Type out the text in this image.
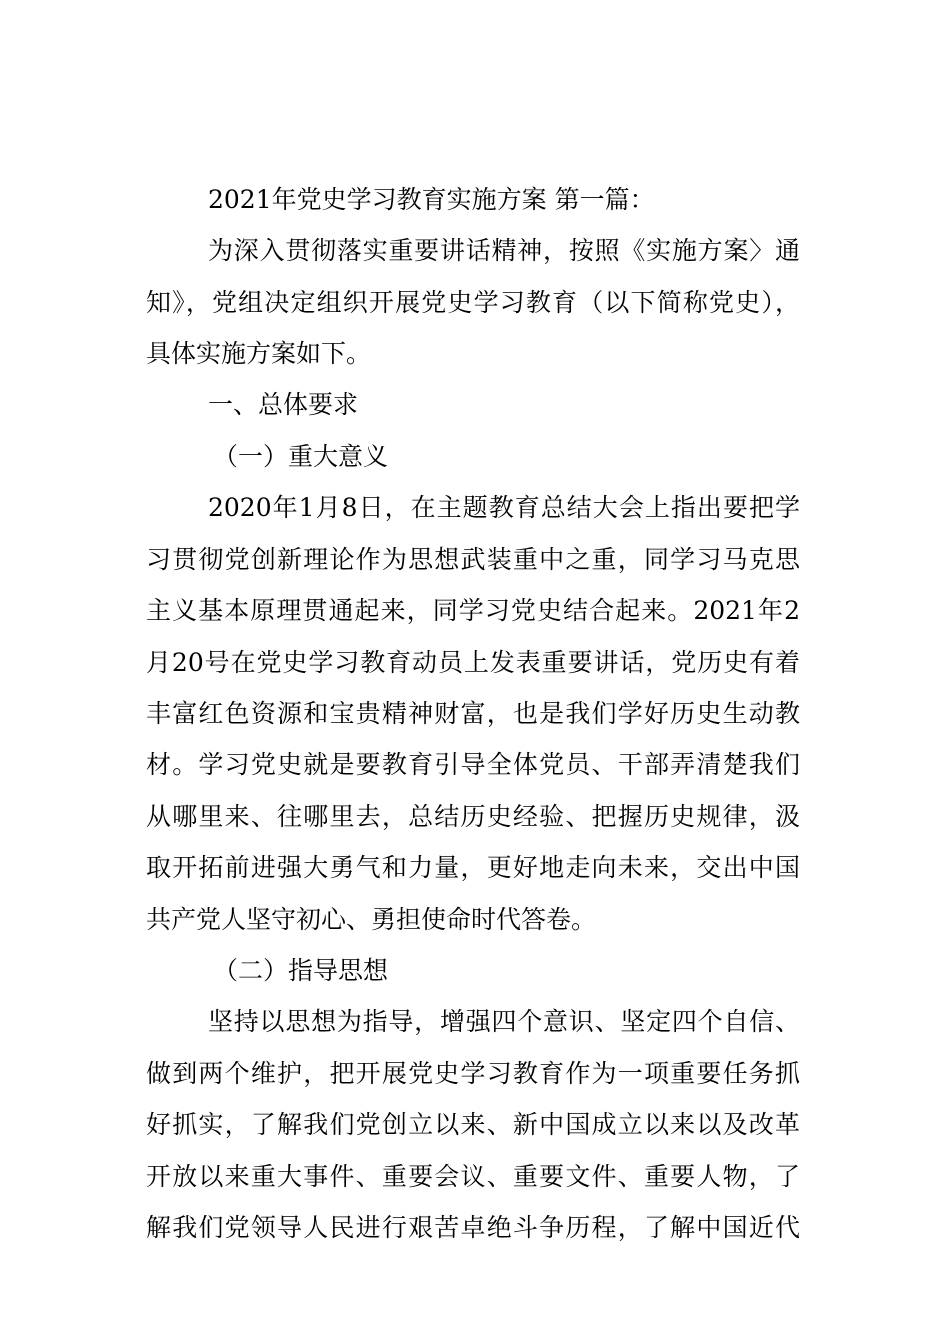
2021年党史学习教育实施方案 第一篇：
为深入贯彻落实重要讲话精神，按照《实施方案〉通
知》，党组决定组织开展党史学习教育（以下简称党史），
具体实施方案如下。
一、总体要求
（一）重大意义
2020年1月8日，在主题教育总结大会上指出要把学
习贯彻党创新理论作为思想武装重中之重，同学习马克思
主义基本原理贯通起来，同学习党史结合起来。2021年2
月20号在党史学习教育动员上发表重要讲话，党历史有着
丰富红色资源和宝贵精神财富，也是我们学好历史生动教
材。学习党史就是要教育引导全体党员、干部弄清楚我们
从哪里来、往哪里去，总结历史经验、把握历史规律，汲
取开拓前进强大勇气和力量，更好地走向未来，交出中国
共产党人坚守初心、勇担使命时代答卷。
（二）指导思想
坚持以思想为指导，增强四个意识、坚定四个自信、
做到两个维护，把开展党史学习教育作为一项重要任务抓
好抓实，了解我们党创立以来、新中国成立以来以及改革
开放以来重大事件、重要会议、重要文件、重要人物，了
解我们党领导人民进行艰苦卓绝斗争历程，了解中国近代
